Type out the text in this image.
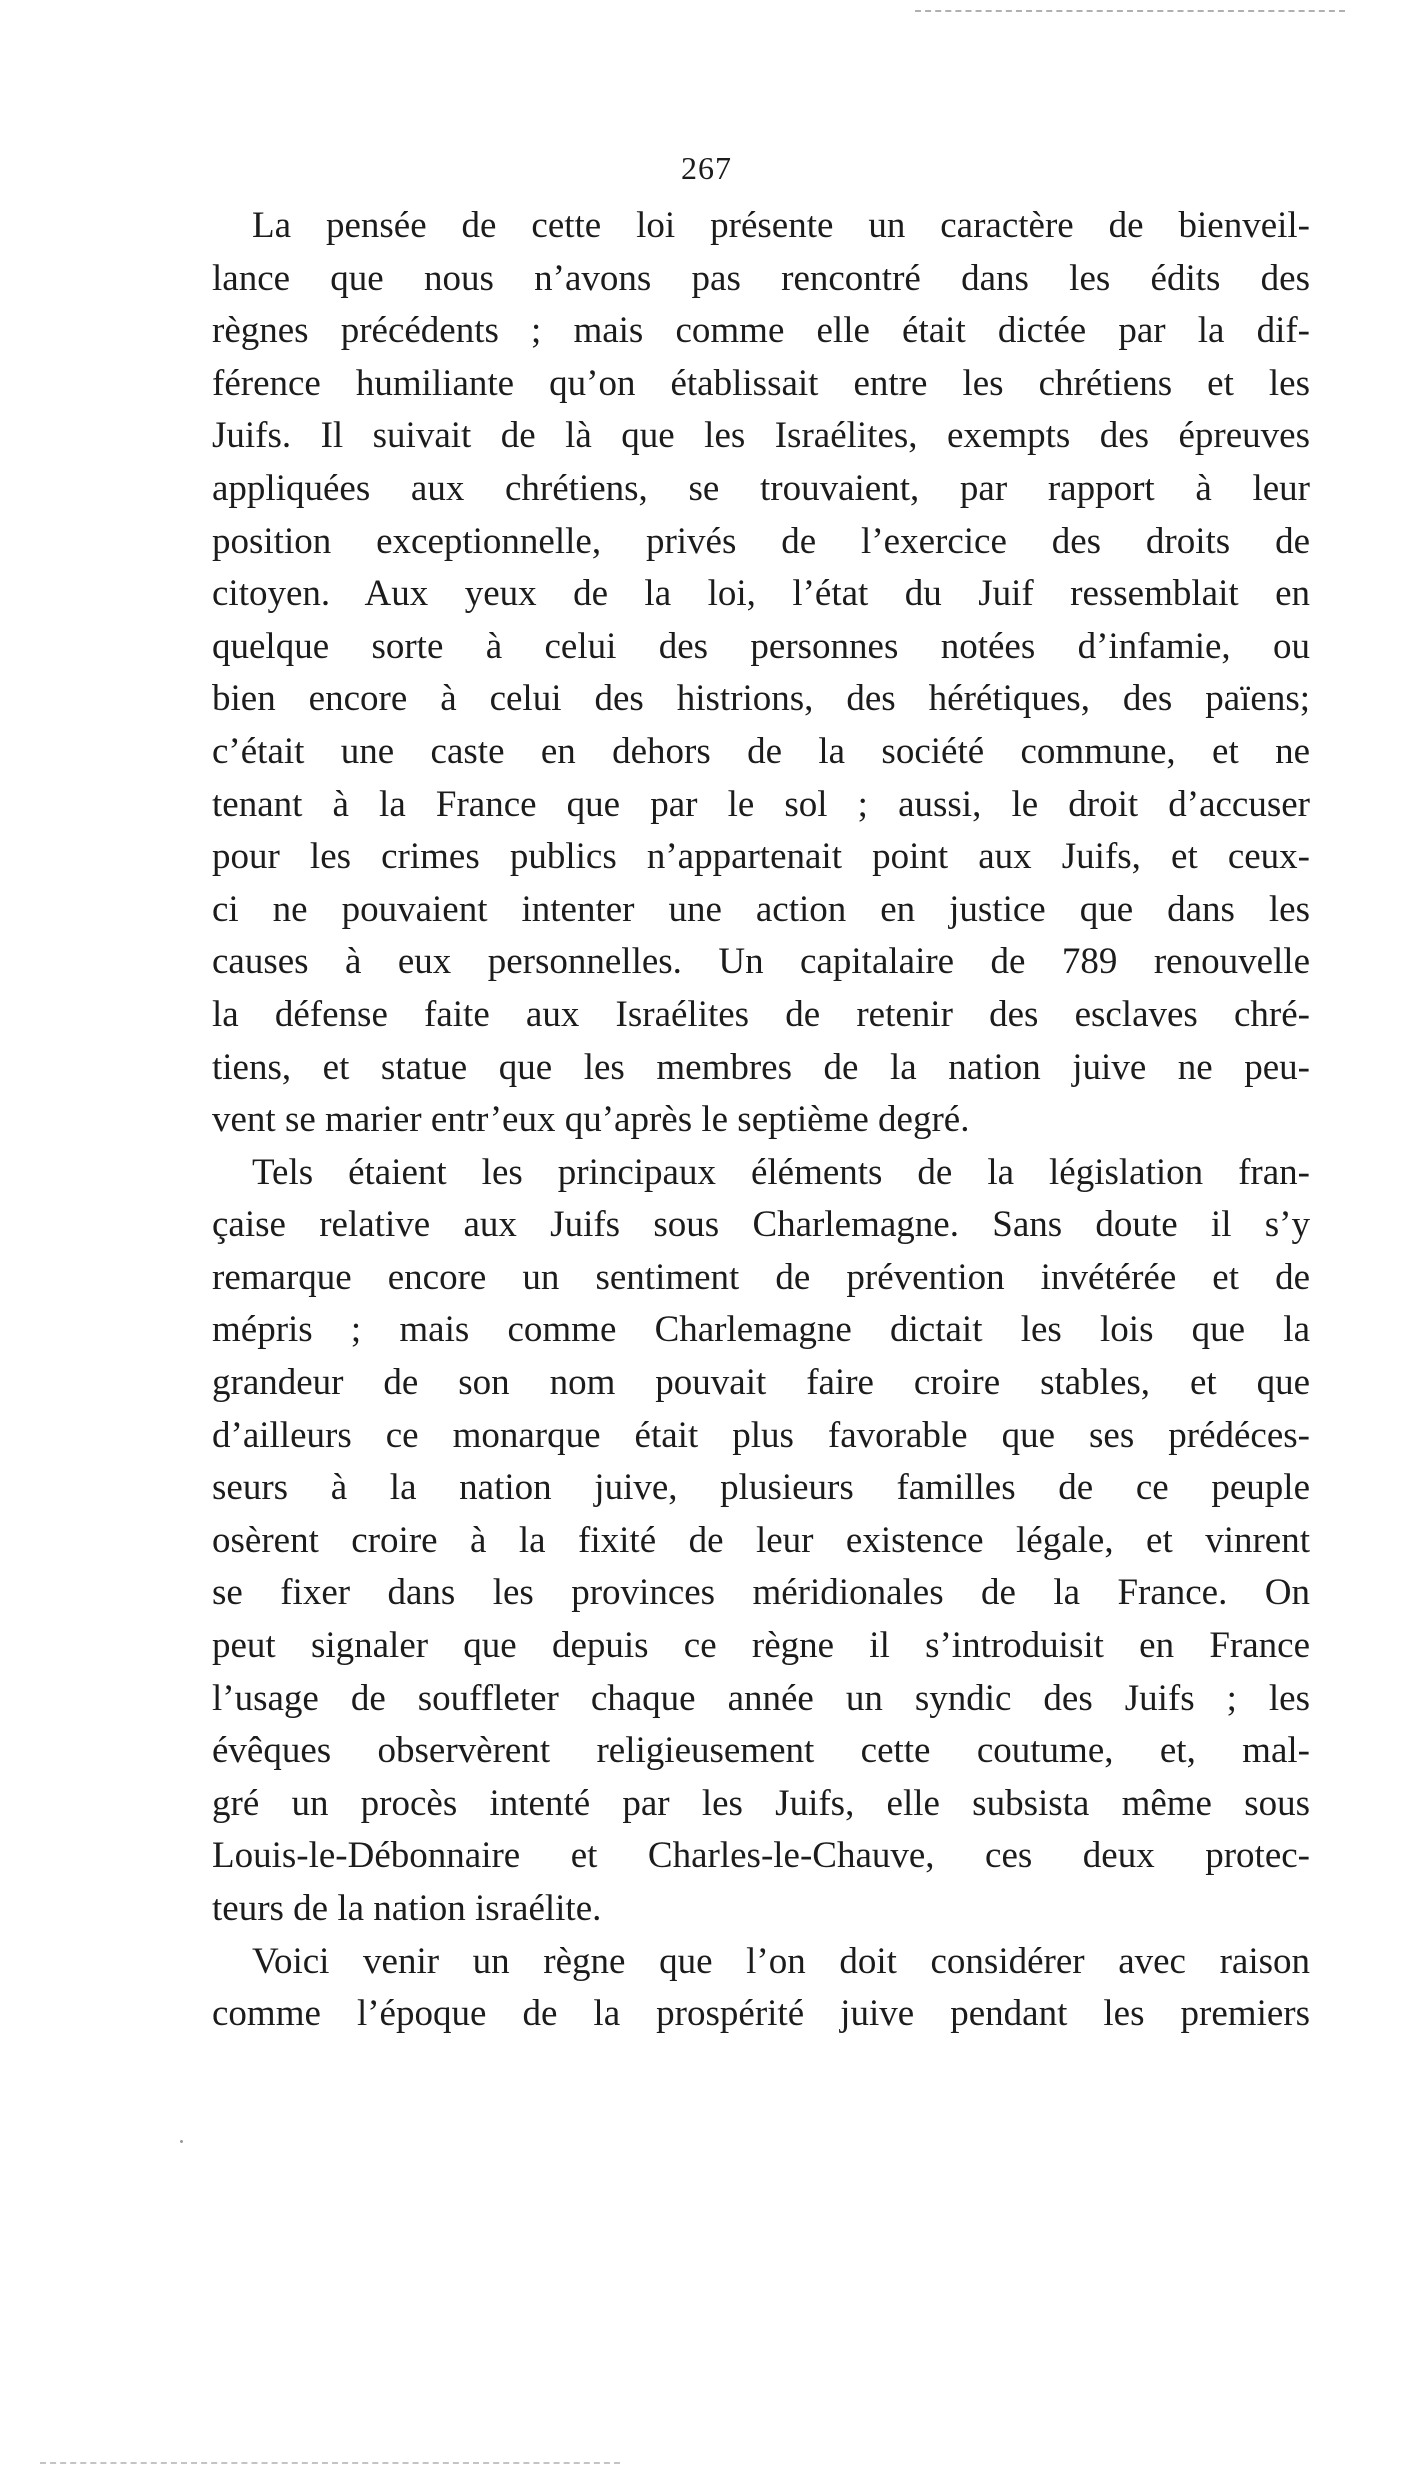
267
La pensée de cette loi présente un caractère de bienveil-
lance que nous n’avons pas rencontré dans les édits des
règnes précédents ; mais comme elle était dictée par la dif-
férence humiliante qu’on établissait entre les chrétiens et les
Juifs. Il suivait de là que les Israélites, exempts des épreuves
appliquées aux chrétiens, se trouvaient, par rapport à leur
position exceptionnelle, privés de l’exercice des droits de
citoyen. Aux yeux de la loi, l’état du Juif ressemblait en
quelque sorte à celui des personnes notées d’infamie, ou
bien encore à celui des histrions, des hérétiques, des païens;
c’était une caste en dehors de la société commune, et ne
tenant à la France que par le sol ; aussi, le droit d’accuser
pour les crimes publics n’appartenait point aux Juifs, et ceux-
ci ne pouvaient intenter une action en justice que dans les
causes à eux personnelles. Un capitalaire de 789 renouvelle
la défense faite aux Israélites de retenir des esclaves chré-
tiens, et statue que les membres de la nation juive ne peu-
vent se marier entr’eux qu’après le septième degré.
Tels étaient les principaux éléments de la législation fran-
çaise relative aux Juifs sous Charlemagne. Sans doute il s’y
remarque encore un sentiment de prévention invétérée et de
mépris ; mais comme Charlemagne dictait les lois que la
grandeur de son nom pouvait faire croire stables, et que
d’ailleurs ce monarque était plus favorable que ses prédéces-
seurs à la nation juive, plusieurs familles de ce peuple
osèrent croire à la fixité de leur existence légale, et vinrent
se fixer dans les provinces méridionales de la France. On
peut signaler que depuis ce règne il s’introduisit en France
l’usage de souffleter chaque année un syndic des Juifs ; les
évêques observèrent religieusement cette coutume, et, mal-
gré un procès intenté par les Juifs, elle subsista même sous
Louis-le-Débonnaire et Charles-le-Chauve, ces deux protec-
teurs de la nation israélite.
Voici venir un règne que l’on doit considérer avec raison
comme l’époque de la prospérité juive pendant les premiers
